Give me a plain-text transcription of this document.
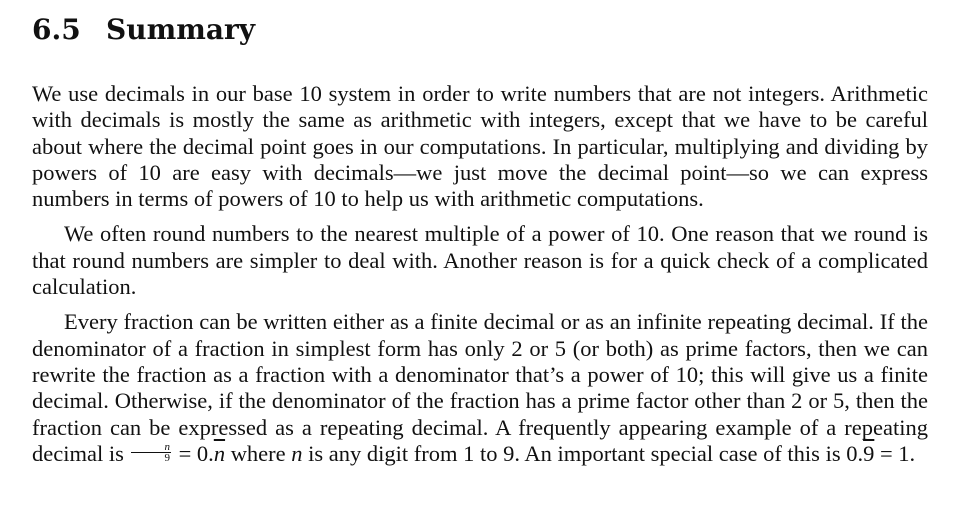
6.5 Summary

We use decimals in our base 10 system in order to write numbers that are not integers. Arithmetic with decimals is mostly the same as arithmetic with integers, except that we have to be careful about where the decimal point goes in our computations. In particular, multiplying and dividing by powers of 10 are easy with decimals—we just move the decimal point—so we can express numbers in terms of powers of 10 to help us with arithmetic computations.

We often round numbers to the nearest multiple of a power of 10. One reason that we round is that round numbers are simpler to deal with. Another reason is for a quick check of a complicated calculation.

Every fraction can be written either as a finite decimal or as an infinite repeating decimal. If the denominator of a fraction in simplest form has only 2 or 5 (or both) as prime factors, then we can rewrite the fraction as a fraction with a denominator that’s a power of 10; this will give us a finite decimal. Otherwise, if the denominator of the fraction has a prime factor other than 2 or 5, then the fraction can be expressed as a repeating decimal. A frequently appearing example of a repeating decimal is $\frac{n}{9} = 0.\overline{n}$ where n is any digit from 1 to 9. An important special case of this is 0.9 = 1.
